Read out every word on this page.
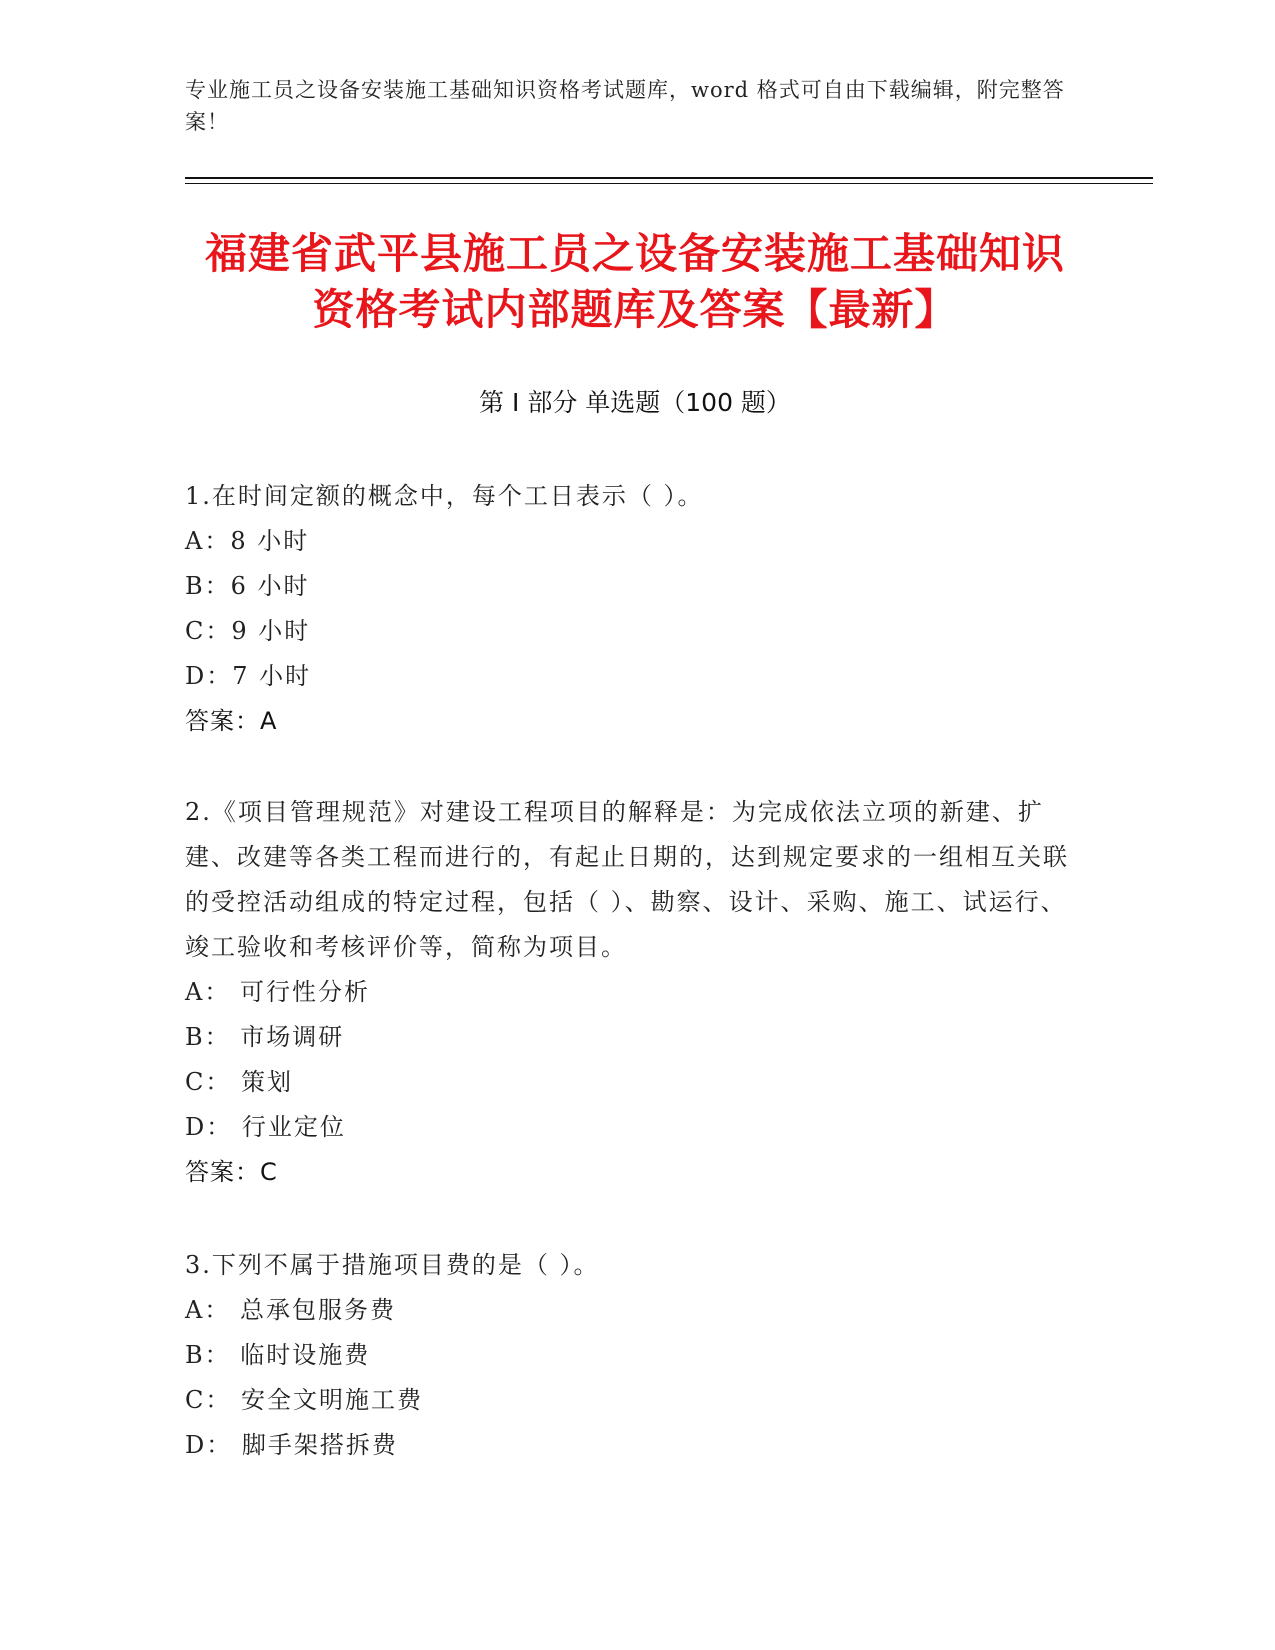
专业施工员之设备安装施工基础知识资格考试题库，word 格式可自由下载编辑，附完整答案！
福建省武平县施工员之设备安装施工基础知识资格考试内部题库及答案【最新】
第 I 部分 单选题（100 题）
1.在时间定额的概念中，每个工日表示（ ）。
A：8 小时
B：6 小时
C：9 小时
D：7 小时
答案：A
2.《项目管理规范》对建设工程项目的解释是：为完成依法立项的新建、扩建、改建等各类工程而进行的，有起止日期的，达到规定要求的一组相互关联的受控活动组成的特定过程，包括（ ）、勘察、设计、采购、施工、试运行、竣工验收和考核评价等，简称为项目。
A： 可行性分析
B： 市场调研
C： 策划
D： 行业定位
答案：C
3.下列不属于措施项目费的是（ ）。
A： 总承包服务费
B： 临时设施费
C： 安全文明施工费
D： 脚手架搭拆费
